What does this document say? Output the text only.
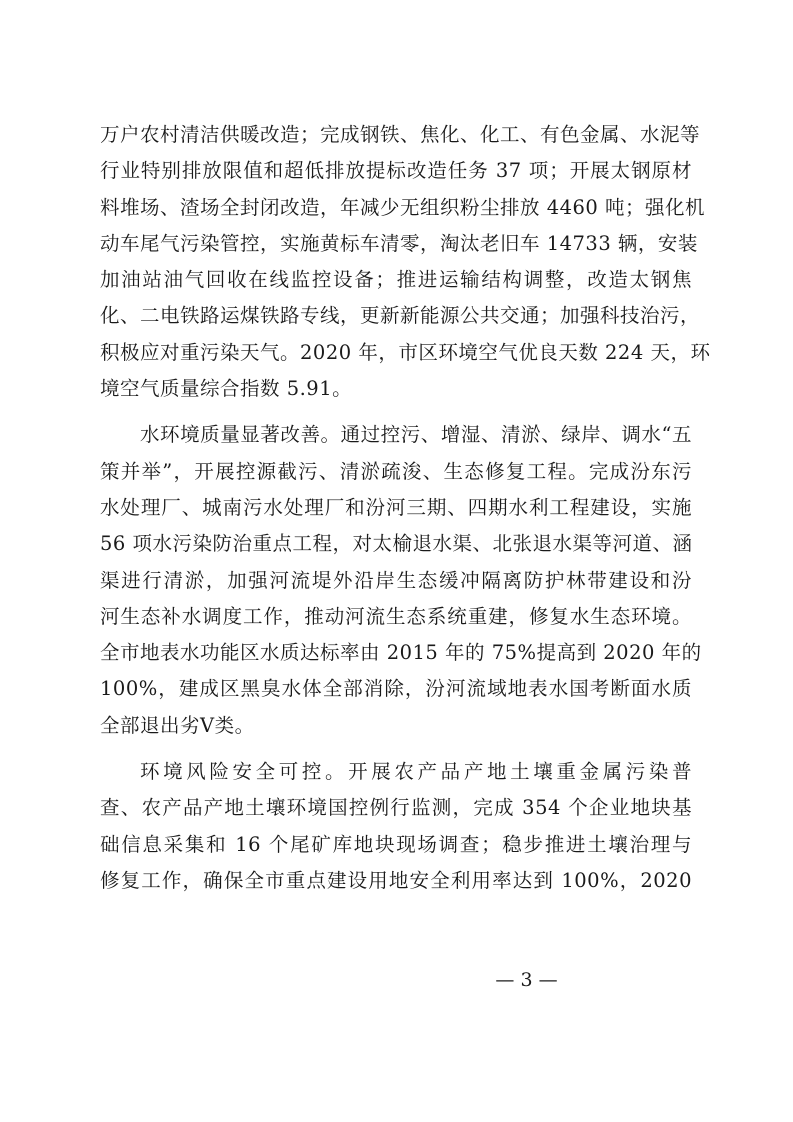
万户农村清洁供暖改造；完成钢铁、焦化、化工、有色金属、水泥等
行业特别排放限值和超低排放提标改造任务 37 项；开展太钢原材
料堆场、渣场全封闭改造，年减少无组织粉尘排放 4460 吨；强化机
动车尾气污染管控，实施黄标车清零，淘汰老旧车 14733 辆，安装
加油站油气回收在线监控设备；推进运输结构调整，改造太钢焦
化、二电铁路运煤铁路专线，更新新能源公共交通；加强科技治污，
积极应对重污染天气。2020 年，市区环境空气优良天数 224 天，环
境空气质量综合指数 5.91。
水环境质量显著改善。通过控污、增湿、清淤、绿岸、调水“五
策并举”，开展控源截污、清淤疏浚、生态修复工程。完成汾东污
水处理厂、城南污水处理厂和汾河三期、四期水利工程建设，实施
56 项水污染防治重点工程，对太榆退水渠、北张退水渠等河道、涵
渠进行清淤，加强河流堤外沿岸生态缓冲隔离防护林带建设和汾
河生态补水调度工作，推动河流生态系统重建，修复水生态环境。
全市地表水功能区水质达标率由 2015 年的 75%提高到 2020 年的
100%，建成区黑臭水体全部消除，汾河流域地表水国考断面水质
全部退出劣Ⅴ类。
环境风险安全可控。开展农产品产地土壤重金属污染普
查、农产品产地土壤环境国控例行监测，完成 354 个企业地块基
础信息采集和 16 个尾矿库地块现场调查；稳步推进土壤治理与
修复工作，确保全市重点建设用地安全利用率达到 100%，2020
— 3 —
